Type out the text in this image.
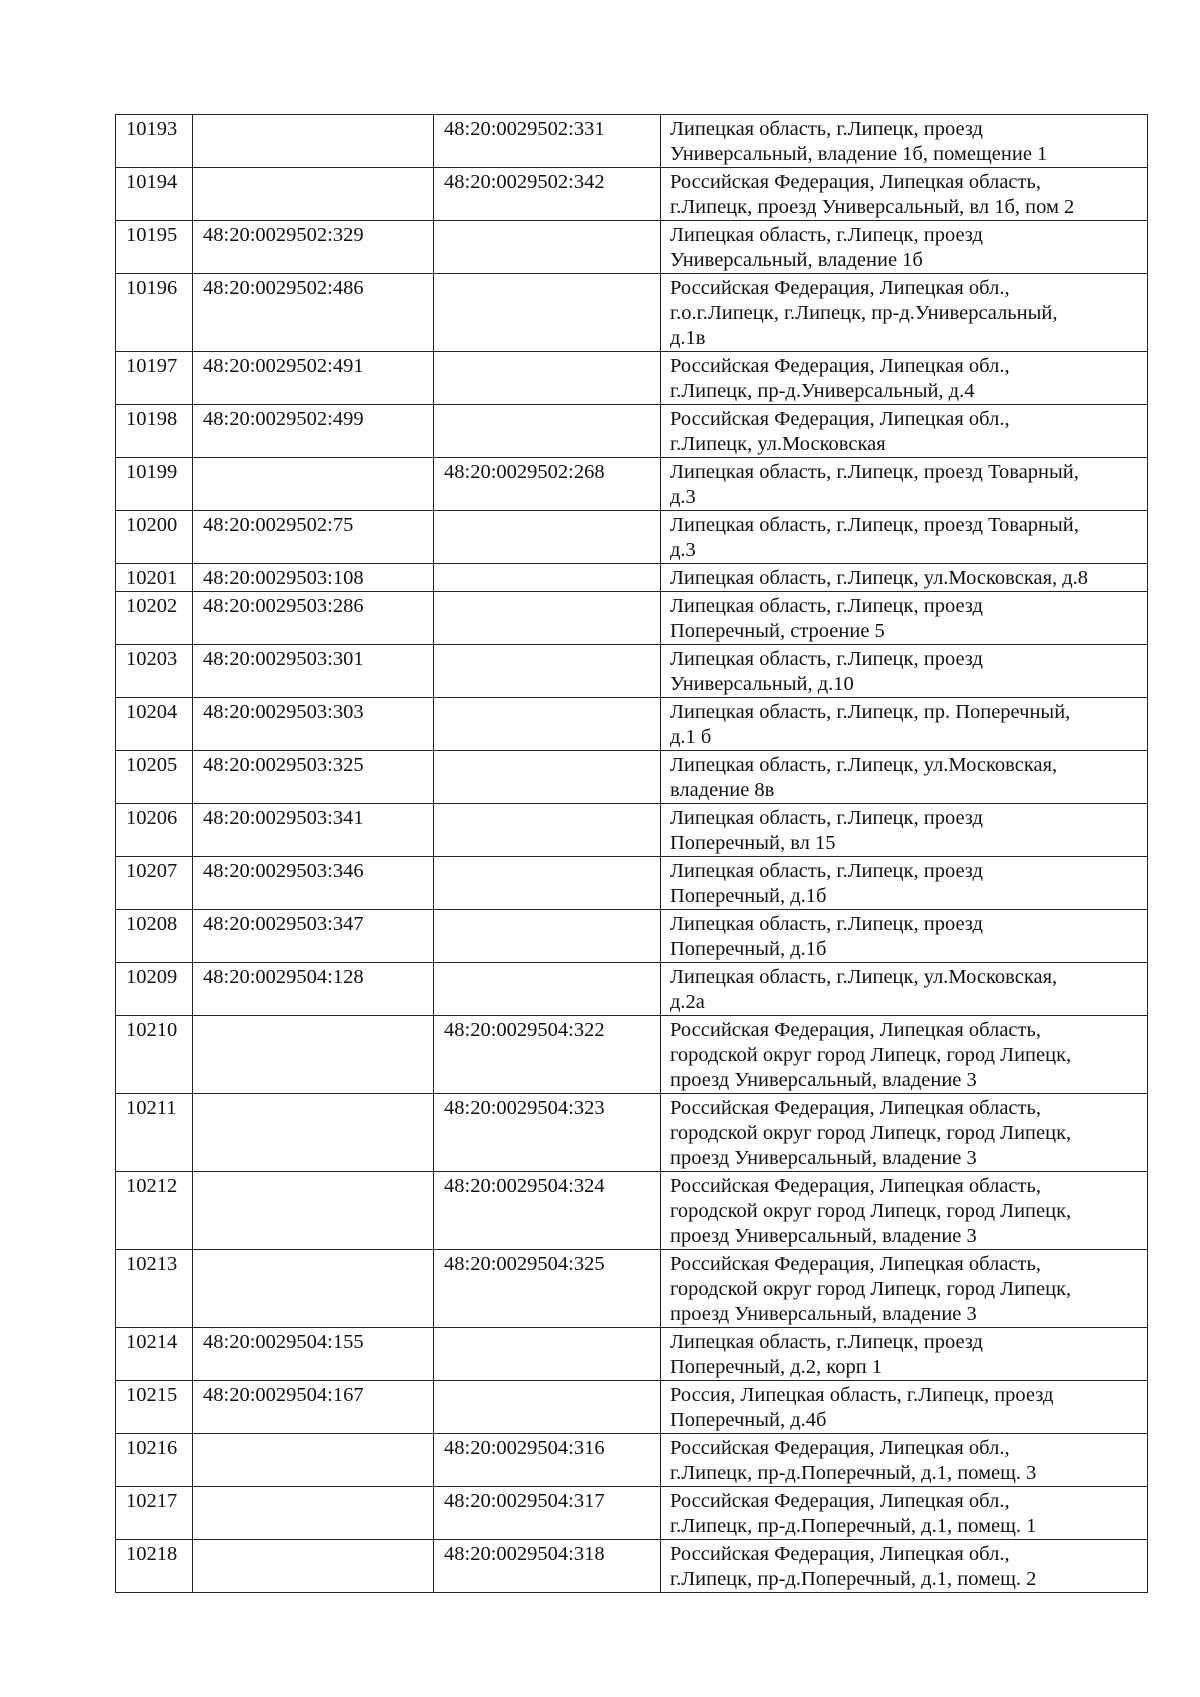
10193		48:20:0029502:331	Липецкая область, г.Липецк, проезд
Универсальный, владение 1б, помещение 1

10194		48:20:0029502:342	Российская Федерация, Липецкая область,
г.Липецк, проезд Универсальный, вл 1б, пом 2

10195	48:20:0029502:329		Липецкая область, г.Липецк, проезд
Универсальный, владение 1б

10196	48:20:0029502:486		Российская Федерация, Липецкая обл.,
г.о.г.Липецк, г.Липецк, пр-д.Универсальный,
д.1в

10197	48:20:0029502:491		Российская Федерация, Липецкая обл.,
г.Липецк, пр-д.Универсальный, д.4

10198	48:20:0029502:499		Российская Федерация, Липецкая обл.,
г.Липецк, ул.Московская

10199		48:20:0029502:268	Липецкая область, г.Липецк, проезд Товарный,
д.3

10200	48:20:0029502:75		Липецкая область, г.Липецк, проезд Товарный,
д.3

10201	48:20:0029503:108		Липецкая область, г.Липецк, ул.Московская, д.8

10202	48:20:0029503:286		Липецкая область, г.Липецк, проезд
Поперечный, строение 5

10203	48:20:0029503:301		Липецкая область, г.Липецк, проезд
Универсальный, д.10

10204	48:20:0029503:303		Липецкая область, г.Липецк, пр. Поперечный,
д.1 б

10205	48:20:0029503:325		Липецкая область, г.Липецк, ул.Московская,
владение 8в

10206	48:20:0029503:341		Липецкая область, г.Липецк, проезд
Поперечный, вл 15

10207	48:20:0029503:346		Липецкая область, г.Липецк, проезд
Поперечный, д.1б

10208	48:20:0029503:347		Липецкая область, г.Липецк, проезд
Поперечный, д.1б

10209	48:20:0029504:128		Липецкая область, г.Липецк, ул.Московская,
д.2а

10210		48:20:0029504:322	Российская Федерация, Липецкая область,
городской округ город Липецк, город Липецк,
проезд Универсальный, владение 3

10211		48:20:0029504:323	Российская Федерация, Липецкая область,
городской округ город Липецк, город Липецк,
проезд Универсальный, владение 3

10212		48:20:0029504:324	Российская Федерация, Липецкая область,
городской округ город Липецк, город Липецк,
проезд Универсальный, владение 3

10213		48:20:0029504:325	Российская Федерация, Липецкая область,
городской округ город Липецк, город Липецк,
проезд Универсальный, владение 3

10214	48:20:0029504:155		Липецкая область, г.Липецк, проезд
Поперечный, д.2, корп 1

10215	48:20:0029504:167		Россия, Липецкая область, г.Липецк, проезд
Поперечный, д.4б

10216		48:20:0029504:316	Российская Федерация, Липецкая обл.,
г.Липецк, пр-д.Поперечный, д.1, помещ. 3

10217		48:20:0029504:317	Российская Федерация, Липецкая обл.,
г.Липецк, пр-д.Поперечный, д.1, помещ. 1

10218		48:20:0029504:318	Российская Федерация, Липецкая обл.,
г.Липецк, пр-д.Поперечный, д.1, помещ. 2
